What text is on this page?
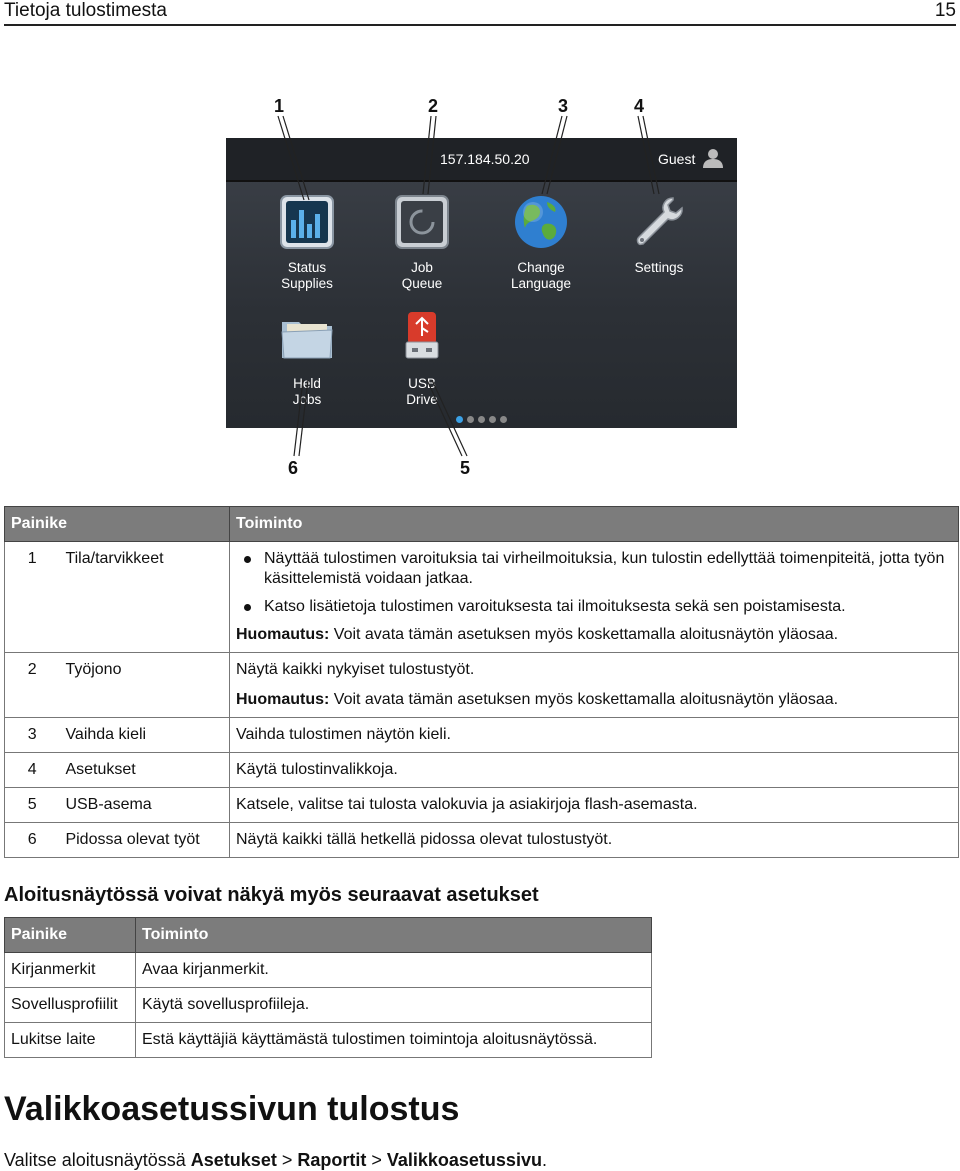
Tietoja tulostimesta	15
1	2	3	4
6	5
157.184.50.20	Guest
Status
Supplies
Job
Queue
Change
Language
Settings
Held
Jobs
USB
Drive
Painike		Toiminto
1	Tila/tarvikkeet	Näyttää tulostimen varoituksia tai virheilmoituksia, kun tulostin edellyttää toimenpiteitä, jotta työn käsittelemistä voidaan jatkaa.
Katso lisätietoja tulostimen varoituksesta tai ilmoituksesta sekä sen poistamisesta.
Huomautus: Voit avata tämän asetuksen myös koskettamalla aloitusnäytön yläosaa.

2	Työjono	Näytä kaikki nykyiset tulostustyöt.
Huomautus: Voit avata tämän asetuksen myös koskettamalla aloitusnäytön yläosaa.

3	Vaihda kieli	Vaihda tulostimen näytön kieli.
4	Asetukset	Käytä tulostinvalikkoja.
5	USB-asema	Katsele, valitse tai tulosta valokuvia ja asiakirjoja flash-asemasta.
6	Pidossa olevat työt	Näytä kaikki tällä hetkellä pidossa olevat tulostustyöt.
Aloitusnäytössä voivat näkyä myös seuraavat asetukset
Painike	Toiminto
Kirjanmerkit	Avaa kirjanmerkit.
Sovellusprofiilit	Käytä sovellusprofiileja.
Lukitse laite	Estä käyttäjiä käyttämästä tulostimen toimintoja aloitusnäytössä.
Valikkoasetussivun tulostus
Valitse aloitusnäytössä Asetukset > Raportit > Valikkoasetussivu.
